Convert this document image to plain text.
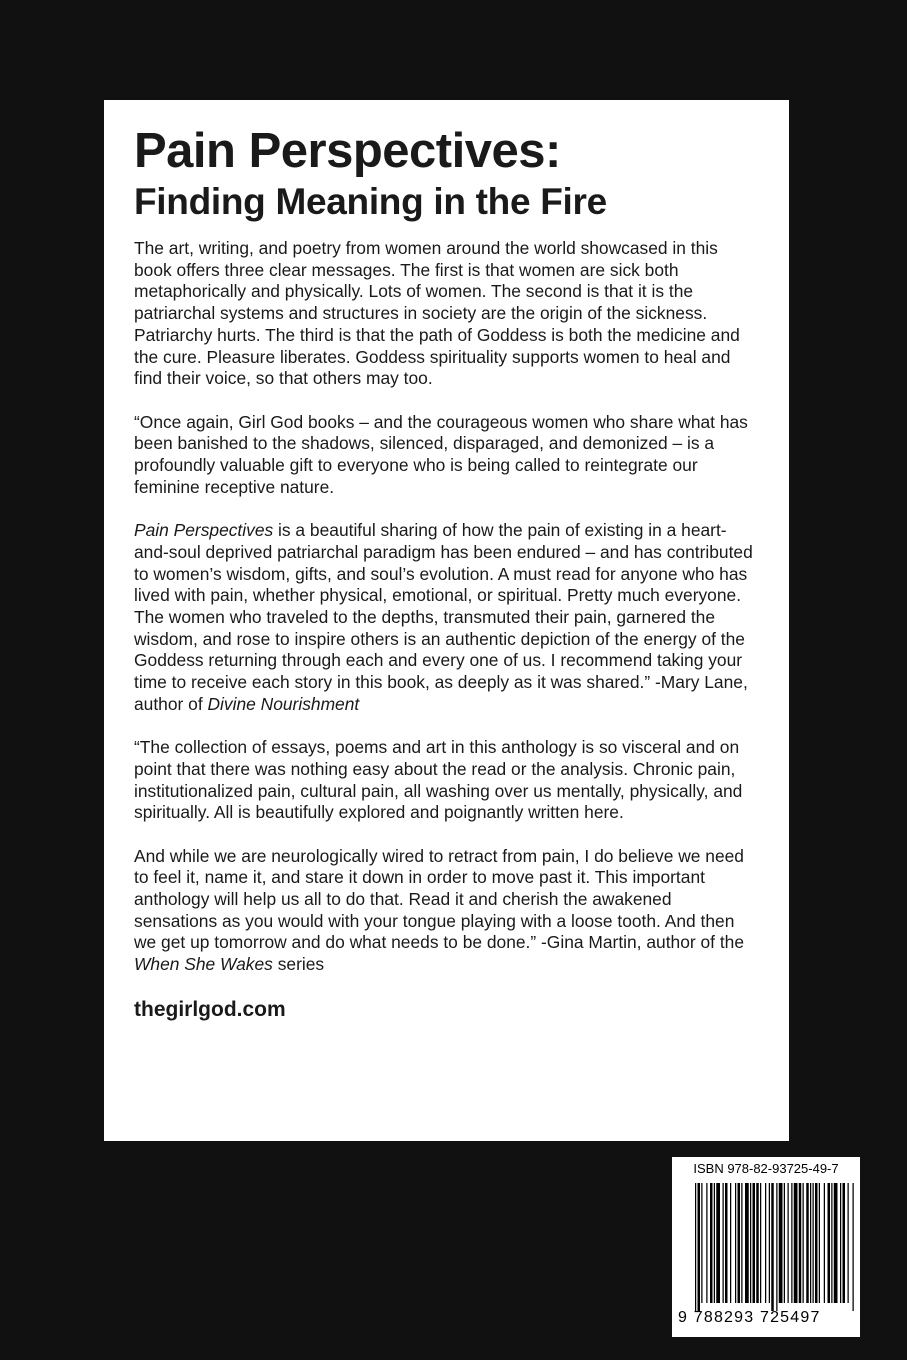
Pain Perspectives:
Finding Meaning in the Fire

The art, writing, and poetry from women around the world showcased in this book offers three clear messages. The first is that women are sick both metaphorically and physically. Lots of women. The second is that it is the patriarchal systems and structures in society are the origin of the sickness. Patriarchy hurts. The third is that the path of Goddess is both the medicine and the cure. Pleasure liberates. Goddess spirituality supports women to heal and find their voice, so that others may too.

“Once again, Girl God books – and the courageous women who share what has been banished to the shadows, silenced, disparaged, and demonized – is a profoundly valuable gift to everyone who is being called to reintegrate our feminine receptive nature.

Pain Perspectives is a beautiful sharing of how the pain of existing in a heart-and-soul deprived patriarchal paradigm has been endured – and has contributed to women’s wisdom, gifts, and soul’s evolution. A must read for anyone who has lived with pain, whether physical, emotional, or spiritual. Pretty much everyone. The women who traveled to the depths, transmuted their pain, garnered the wisdom, and rose to inspire others is an authentic depiction of the energy of the Goddess returning through each and every one of us. I recommend taking your time to receive each story in this book, as deeply as it was shared.” -Mary Lane, author of Divine Nourishment

“The collection of essays, poems and art in this anthology is so visceral and on point that there was nothing easy about the read or the analysis. Chronic pain, institutionalized pain, cultural pain, all washing over us mentally, physically, and spiritually. All is beautifully explored and poignantly written here.

And while we are neurologically wired to retract from pain, I do believe we need to feel it, name it, and stare it down in order to move past it. This important anthology will help us all to do that. Read it and cherish the awakened sensations as you would with your tongue playing with a loose tooth. And then we get up tomorrow and do what needs to be done.” -Gina Martin, author of the When She Wakes series

thegirlgod.com
ISBN 978-82-93725-49-7
9 788293 725497
